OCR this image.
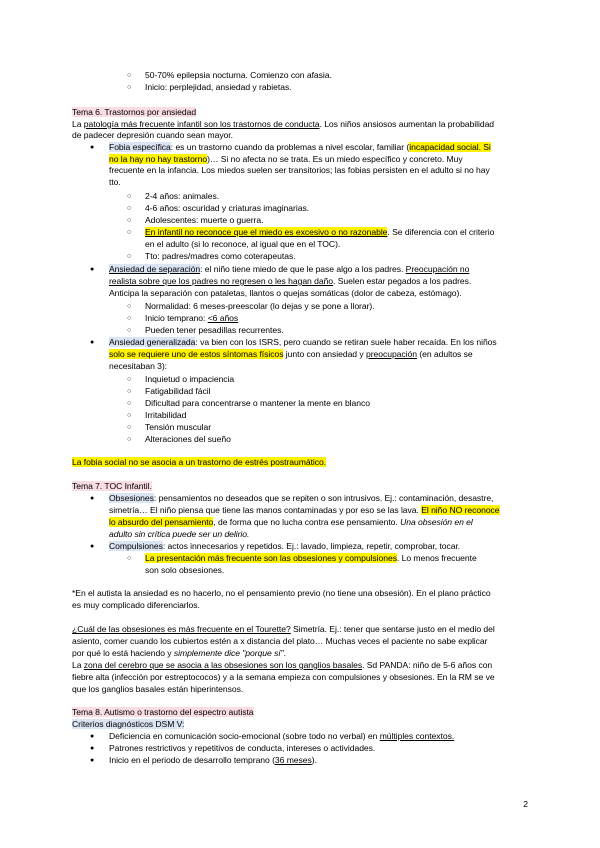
○ 50-70% epilepsia nocturna. Comienzo con afasia.
○ Inicio: perplejidad, ansiedad y rabietas.
Tema 6. Trastornos por ansiedad
La patología más frecuente infantil son los trastornos de conducta. Los niños ansiosos aumentan la probabilidad
de padecer depresión cuando sean mayor.
● Fobia específica: es un trastorno cuando da problemas a nivel escolar, familiar (incapacidad social. Si
no la hay no hay trastorno)… Si no afecta no se trata. Es un miedo específico y concreto. Muy
frecuente en la infancia. Los miedos suelen ser transitorios; las fobias persisten en el adulto si no hay
tto.
○ 2-4 años: animales.
○ 4-6 años: oscuridad y criaturas imaginarias.
○ Adolescentes: muerte o guerra.
○ En infantil no reconoce que el miedo es excesivo o no razonable. Se diferencia con el criterio
en el adulto (si lo reconoce, al igual que en el TOC).
○ Tto: padres/madres como coterapeutas.
● Ansiedad de separación: el niño tiene miedo de que le pase algo a los padres. Preocupación no
realista sobre que los padres no regresen o les hagan daño. Suelen estar pegados a los padres.
Anticipa la separación con pataletas, llantos o quejas somáticas (dolor de cabeza, estómago).
○ Normalidad: 6 meses-preescolar (lo dejas y se pone a llorar).
○ Inicio temprano: <6 años
○ Pueden tener pesadillas recurrentes.
● Ansiedad generalizada: va bien con los ISRS, pero cuando se retiran suele haber recaída. En los niños
solo se requiere uno de estos síntomas físicos junto con ansiedad y preocupación (en adultos se
necesitaban 3):
○ Inquietud o impaciencia
○ Fatigabilidad fácil
○ Dificultad para concentrarse o mantener la mente en blanco
○ Irritabilidad
○ Tensión muscular
○ Alteraciones del sueño
La fobia social no se asocia a un trastorno de estrés postraumático.
Tema 7. TOC Infantil.
● Obsesiones: pensamientos no deseados que se repiten o son intrusivos. Ej.: contaminación, desastre,
simetría… El niño piensa que tiene las manos contaminadas y por eso se las lava. El niño NO reconoce
lo absurdo del pensamiento, de forma que no lucha contra ese pensamiento. Una obsesión en el
adulto sin crítica puede ser un delirio.
● Compulsiones: actos innecesarios y repetidos. Ej.: lavado, limpieza, repetir, comprobar, tocar.
○ La presentación más frecuente son las obsesiones y compulsiones. Lo menos frecuente
son solo obsesiones.
*En el autista la ansiedad es no hacerlo, no el pensamiento previo (no tiene una obsesión). En el plano práctico
es muy complicado diferenciarlos.
¿Cuál de las obsesiones es más frecuente en el Tourette? Simetría. Ej.: tener que sentarse justo en el medio del
asiento, comer cuando los cubiertos estén a x distancia del plato… Muchas veces el paciente no sabe explicar
por qué lo está haciendo y simplemente dice "porque sí".
La zona del cerebro que se asocia a las obsesiones son los ganglios basales. Sd PANDA: niño de 5-6 años con
fiebre alta (infección por estreptococos) y a la semana empieza con compulsiones y obsesiones. En la RM se ve
que los ganglios basales están hiperintensos.
Tema 8. Autismo o trastorno del espectro autista
Criterios diagnósticos DSM V:
● Deficiencia en comunicación socio-emocional (sobre todo no verbal) en múltiples contextos.
● Patrones restrictivos y repetitivos de conducta, intereses o actividades.
● Inicio en el periodo de desarrollo temprano (36 meses).
2
